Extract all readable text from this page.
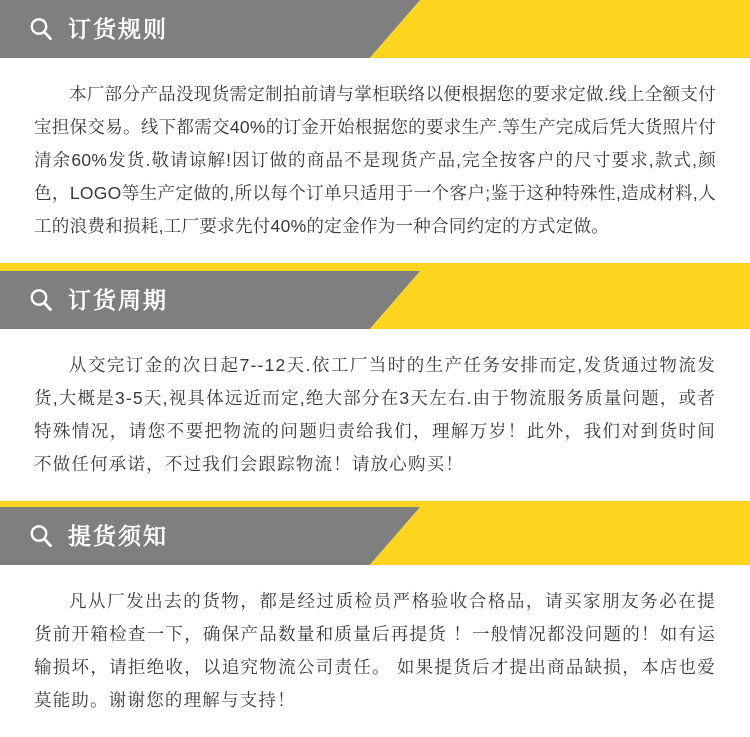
订货规则

本厂部分产品没现货需定制拍前请与掌柜联络以便根据您的要求定做.线上全额支付宝担保交易。线下都需交40%的订金开始根据您的要求生产.等生产完成后凭大货照片付清余60%发货.敬请谅解!因订做的商品不是现货产品,完全按客户的尺寸要求,款式,颜色，LOGO等生产定做的,所以每个订单只适用于一个客户;鉴于这种特殊性,造成材料,人工的浪费和损耗,工厂要求先付40%的定金作为一种合同约定的方式定做。

订货周期

从交完订金的次日起7--12天.依工厂当时的生产任务安排而定,发货通过物流发货,大概是3-5天,视具体远近而定,绝大部分在3天左右.由于物流服务质量问题，或者特殊情况，请您不要把物流的问题归责给我们，理解万岁！此外，我们对到货时间不做任何承诺，不过我们会跟踪物流！请放心购买！

提货须知

凡从厂发出去的货物，都是经过质检员严格验收合格品，请买家朋友务必在提货前开箱检查一下，确保产品数量和质量后再提货 ！一般情况都没问题的！如有运输损坏，请拒绝收，以追究物流公司责任。 如果提货后才提出商品缺损，本店也爱莫能助。谢谢您的理解与支持！
